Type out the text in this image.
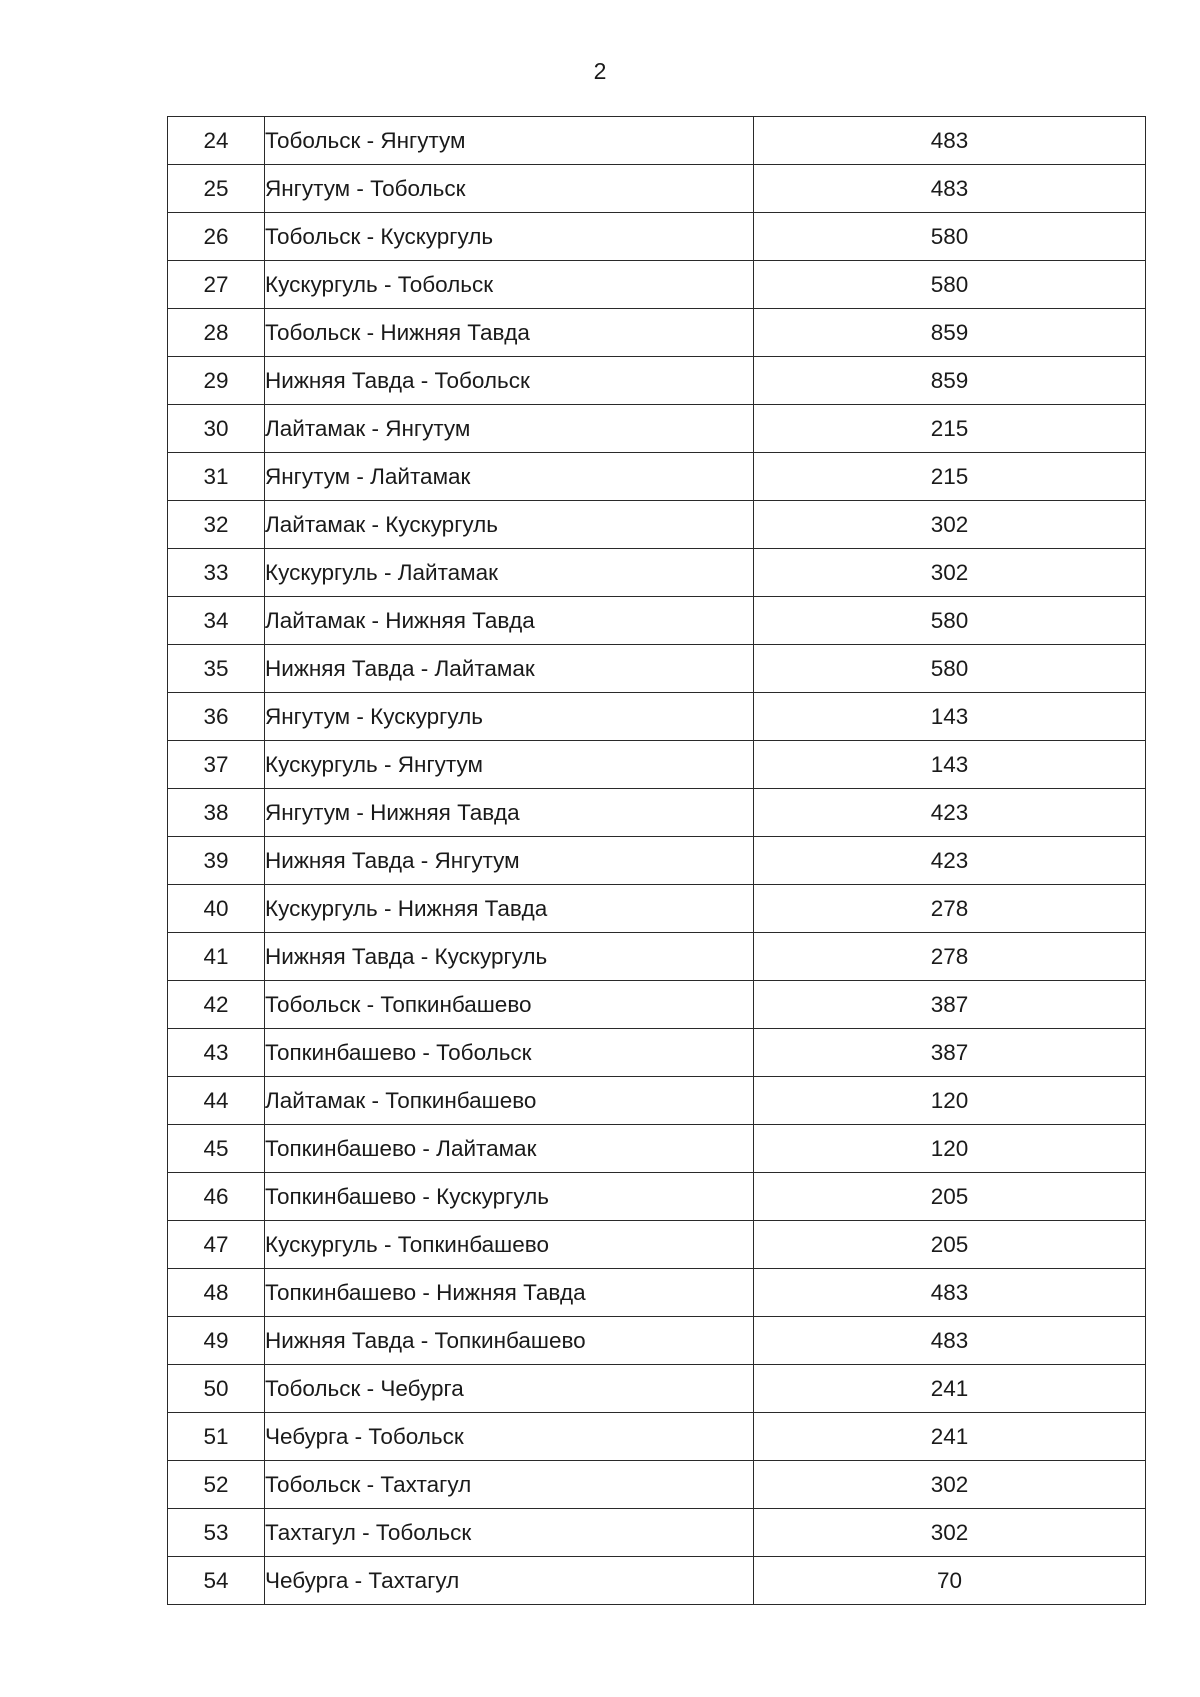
2
24	Тобольск - Янгутум	483
25	Янгутум - Тобольск	483
26	Тобольск - Кускургуль	580
27	Кускургуль - Тобольск	580
28	Тобольск - Нижняя Тавда	859
29	Нижняя Тавда - Тобольск	859
30	Лайтамак - Янгутум	215
31	Янгутум - Лайтамак	215
32	Лайтамак - Кускургуль	302
33	Кускургуль - Лайтамак	302
34	Лайтамак - Нижняя Тавда	580
35	Нижняя Тавда - Лайтамак	580
36	Янгутум - Кускургуль	143
37	Кускургуль - Янгутум	143
38	Янгутум - Нижняя Тавда	423
39	Нижняя Тавда - Янгутум	423
40	Кускургуль - Нижняя Тавда	278
41	Нижняя Тавда - Кускургуль	278
42	Тобольск - Топкинбашево	387
43	Топкинбашево - Тобольск	387
44	Лайтамак - Топкинбашево	120
45	Топкинбашево - Лайтамак	120
46	Топкинбашево - Кускургуль	205
47	Кускургуль - Топкинбашево	205
48	Топкинбашево - Нижняя Тавда	483
49	Нижняя Тавда - Топкинбашево	483
50	Тобольск - Чебурга	241
51	Чебурга - Тобольск	241
52	Тобольск - Тахтагул	302
53	Тахтагул - Тобольск	302
54	Чебурга - Тахтагул	70
